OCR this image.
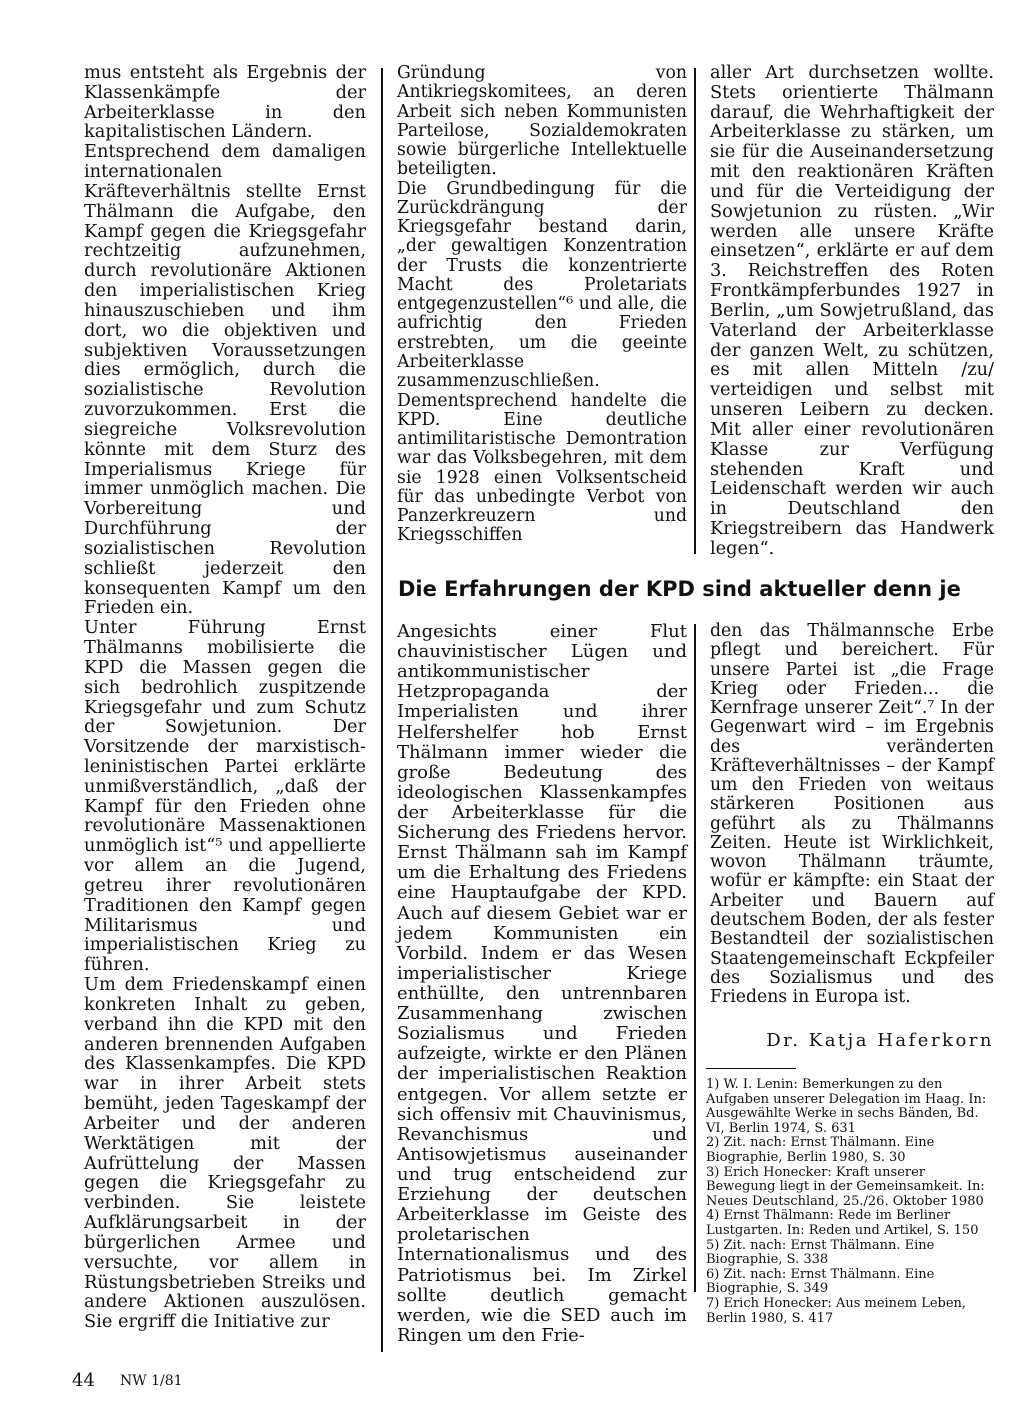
mus entsteht als Ergebnis der Klassenkämpfe der Arbeiterklasse in den kapitalistischen Ländern.

Entsprechend dem damaligen internationalen Kräfteverhältnis stellte Ernst Thälmann die Aufgabe, den Kampf gegen die Kriegsgefahr rechtzeitig aufzunehmen, durch revolutionäre Aktionen den imperialistischen Krieg hinauszuschieben und ihm dort, wo die objektiven und subjektiven Voraussetzungen dies ermöglich, durch die sozialistische Revolution zuvorzukommen. Erst die siegreiche Volksrevolution könnte mit dem Sturz des Imperialismus Kriege für immer unmöglich machen. Die Vorbereitung und Durchführung der sozialistischen Revolution schließt jederzeit den konsequenten Kampf um den Frieden ein.

Unter Führung Ernst Thälmanns mobilisierte die KPD die Massen gegen die sich bedrohlich zuspitzende Kriegsgefahr und zum Schutz der Sowjetunion. Der Vorsitzende der marxistisch-leninistischen Partei erklärte unmißverständlich, „daß der Kampf für den Frieden ohne revolutionäre Massenaktionen unmöglich ist“⁵ und appellierte vor allem an die Jugend, getreu ihrer revolutionären Traditionen den Kampf gegen Militarismus und imperialistischen Krieg zu führen.

Um dem Friedenskampf einen konkreten Inhalt zu geben, verband ihn die KPD mit den anderen brennenden Aufgaben des Klassenkampfes. Die KPD war in ihrer Arbeit stets bemüht, jeden Tageskampf der Arbeiter und der anderen Werktätigen mit der Aufrüttelung der Massen gegen die Kriegsgefahr zu verbinden. Sie leistete Aufklärungsarbeit in der bürgerlichen Armee und versuchte, vor allem in Rüstungsbetrieben Streiks und andere Aktionen auszulösen. Sie ergriff die Initiative zur

Gründung von Antikriegskomitees, an deren Arbeit sich neben Kommunisten Parteilose, Sozialdemokraten sowie bürgerliche Intellektuelle beteiligten.

Die Grundbedingung für die Zurückdrängung der Kriegsgefahr bestand darin, „der gewaltigen Konzentration der Trusts die konzentrierte Macht des Proletariats entgegenzustellen“⁶ und alle, die aufrichtig den Frieden erstrebten, um die geeinte Arbeiterklasse zusammenzuschließen. Dementsprechend handelte die KPD. Eine deutliche antimilitaristische Demontration war das Volksbegehren, mit dem sie 1928 einen Volksentscheid für das unbedingte Verbot von Panzerkreuzern und Kriegsschiffen

aller Art durchsetzen wollte. Stets orientierte Thälmann darauf, die Wehrhaftigkeit der Arbeiterklasse zu stärken, um sie für die Auseinandersetzung mit den reaktionären Kräften und für die Verteidigung der Sowjetunion zu rüsten. „Wir werden alle unsere Kräfte einsetzen“, erklärte er auf dem 3. Reichstreffen des Roten Frontkämpferbundes 1927 in Berlin, „um Sowjetrußland, das Vaterland der Arbeiterklasse der ganzen Welt, zu schützen, es mit allen Mitteln /zu/ verteidigen und selbst mit unseren Leibern zu decken. Mit aller einer revolutionären Klasse zur Verfügung stehenden Kraft und Leidenschaft werden wir auch in Deutschland den Kriegstreibern das Handwerk legen“.

Die Erfahrungen der KPD sind aktueller denn je

Angesichts einer Flut chauvinistischer Lügen und antikommunistischer Hetzpropaganda der Imperialisten und ihrer Helfershelfer hob Ernst Thälmann immer wieder die große Bedeutung des ideologischen Klassenkampfes der Arbeiterklasse für die Sicherung des Friedens hervor. Ernst Thälmann sah im Kampf um die Erhaltung des Friedens eine Hauptaufgabe der KPD. Auch auf diesem Gebiet war er jedem Kommunisten ein Vorbild. Indem er das Wesen imperialistischer Kriege enthüllte, den untrennbaren Zusammenhang zwischen Sozialismus und Frieden aufzeigte, wirkte er den Plänen der imperialistischen Reaktion entgegen. Vor allem setzte er sich offensiv mit Chauvinismus, Revanchismus und Antisowjetismus auseinander und trug entscheidend zur Erziehung der deutschen Arbeiterklasse im Geiste des proletarischen Internationalismus und des Patriotismus bei. Im Zirkel sollte deutlich gemacht werden, wie die SED auch im Ringen um den Frie-

den das Thälmannsche Erbe pflegt und bereichert. Für unsere Partei ist „die Frage Krieg oder Frieden... die Kernfrage unserer Zeit“.⁷ In der Gegenwart wird – im Ergebnis des veränderten Kräfteverhältnisses – der Kampf um den Frieden von weitaus stärkeren Positionen aus geführt als zu Thälmanns Zeiten. Heute ist Wirklichkeit, wovon Thälmann träumte, wofür er kämpfte: ein Staat der Arbeiter und Bauern auf deutschem Boden, der als fester Bestandteil der sozialistischen Staatengemeinschaft Eckpfeiler des Sozialismus und des Friedens in Europa ist.

Dr. Katja Haferkorn

1) W. I. Lenin: Bemerkungen zu den Aufgaben unserer Delegation im Haag. In: Ausgewählte Werke in sechs Bänden, Bd. VI, Berlin 1974, S. 631

2) Zit. nach: Ernst Thälmann. Eine Biographie, Berlin 1980, S. 30

3) Erich Honecker: Kraft unserer Bewegung liegt in der Gemeinsamkeit. In: Neues Deutschland, 25./26. Oktober 1980

4) Ernst Thälmann: Rede im Berliner Lustgarten. In: Reden und Artikel, S. 150

5) Zit. nach: Ernst Thälmann. Eine Biographie, S. 338

6) Zit. nach: Ernst Thälmann. Eine Biographie, S. 349

7) Erich Honecker: Aus meinem Leben, Berlin 1980, S. 417

44 NW 1/81
